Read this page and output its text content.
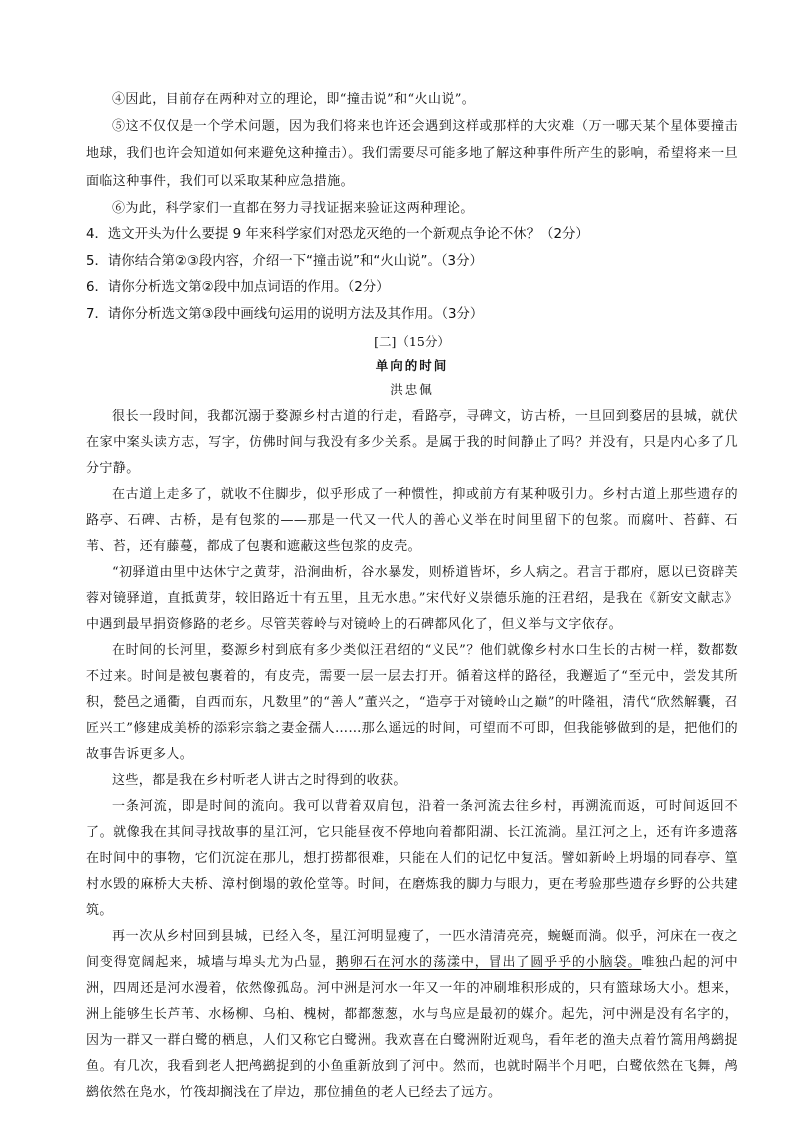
④因此，目前存在两种对立的理论，即“撞击说”和“火山说”。

⑤这不仅仅是一个学术问题，因为我们将来也许还会遇到这样或那样的大灾难（万一哪天某个星体要撞击地球，我们也许会知道如何来避免这种撞击）。我们需要尽可能多地了解这种事件所产生的影响，希望将来一旦面临这种事件，我们可以采取某种应急措施。

⑥为此，科学家们一直都在努力寻找证据来验证这两种理论。

4．选文开头为什么要提 9 年来科学家们对恐龙灭绝的一个新观点争论不休？（2分）

5．请你结合第②③段内容，介绍一下“撞击说”和“火山说”。（3分）

6．请你分析选文第②段中加点词语的作用。（2分）

7．请你分析选文第③段中画线句运用的说明方法及其作用。（3分）

[二]（15分）

单向的时间

洪忠佩

很长一段时间，我都沉溺于婺源乡村古道的行走，看路亭，寻碑文，访古桥，一旦回到婺居的县城，就伏在家中案头读方志，写字，仿佛时间与我没有多少关系。是属于我的时间静止了吗？并没有，只是内心多了几分宁静。

在古道上走多了，就收不住脚步，似乎形成了一种惯性，抑或前方有某种吸引力。乡村古道上那些遗存的路亭、石碑、古桥，是有包浆的——那是一代又一代人的善心义举在时间里留下的包浆。而腐叶、苔藓、石苇、苔，还有藤蔓，都成了包裹和遮蔽这些包浆的皮壳。

“初驿道由里中达休宁之黄芽，沿涧曲析，谷水暴发，则桥道皆坏，乡人病之。君言于郡府，愿以已资辟芙蓉对镜驿道，直抵黄芽，较旧路近十有五里，且无水患。”宋代好义崇德乐施的汪君绍，是我在《新安文献志》中遇到最早捐资修路的老乡。尽管芙蓉岭与对镜岭上的石碑都风化了，但义举与文字依存。

在时间的长河里，婺源乡村到底有多少类似汪君绍的“义民”？他们就像乡村水口生长的古树一样，数都数不过来。时间是被包裹着的，有皮壳，需要一层一层去打开。循着这样的路径，我邂逅了“至元中，尝发其所积，甃邑之通衢，自西而东，凡数里”的“善人”董兴之，“造亭于对镜岭山之巅”的叶隆祖，清代“欣然解囊，召匠兴工”修建成美桥的添彩宗翁之妻金孺人……那么遥远的时间，可望而不可即，但我能够做到的是，把他们的故事告诉更多人。

这些，都是我在乡村听老人讲古之时得到的收获。

一条河流，即是时间的流向。我可以背着双肩包，沿着一条河流去往乡村，再溯流而返，可时间返回不了。就像我在其间寻找故事的星江河，它只能昼夜不停地向着都阳湖、长江流淌。星江河之上，还有许多遗落在时间中的事物，它们沉淀在那儿，想打捞都很难，只能在人们的记忆中复活。譬如新岭上坍塌的同春亭、篁村水毁的麻桥大夫桥、漳村倒塌的敦伦堂等。时间，在磨炼我的脚力与眼力，更在考验那些遗存乡野的公共建筑。

再一次从乡村回到县城，已经入冬，星江河明显瘦了，一匹水清清亮亮，蜿蜒而淌。似乎，河床在一夜之间变得宽阔起来，城墙与埠头尤为凸显，鹅卵石在河水的荡漾中，冒出了圆乎乎的小脑袋。唯独凸起的河中洲，四周还是河水漫着，依然像孤岛。河中洲是河水一年又一年的冲刷堆积形成的，只有篮球场大小。想来，洲上能够生长芦苇、水杨柳、乌桕、槐树，都都葱葱，水与鸟应是最初的媒介。起先，河中洲是没有名字的，因为一群又一群白鹭的栖息，人们又称它白鹭洲。我欢喜在白鹭洲附近观鸟，看年老的渔夫点着竹篙用鸬鹚捉鱼。有几次，我看到老人把鸬鹚捉到的小鱼重新放到了河中。然而，也就时隔半个月吧，白鹭依然在飞舞，鸬鹚依然在凫水，竹筏却搁浅在了岸边，那位捕鱼的老人已经去了远方。
